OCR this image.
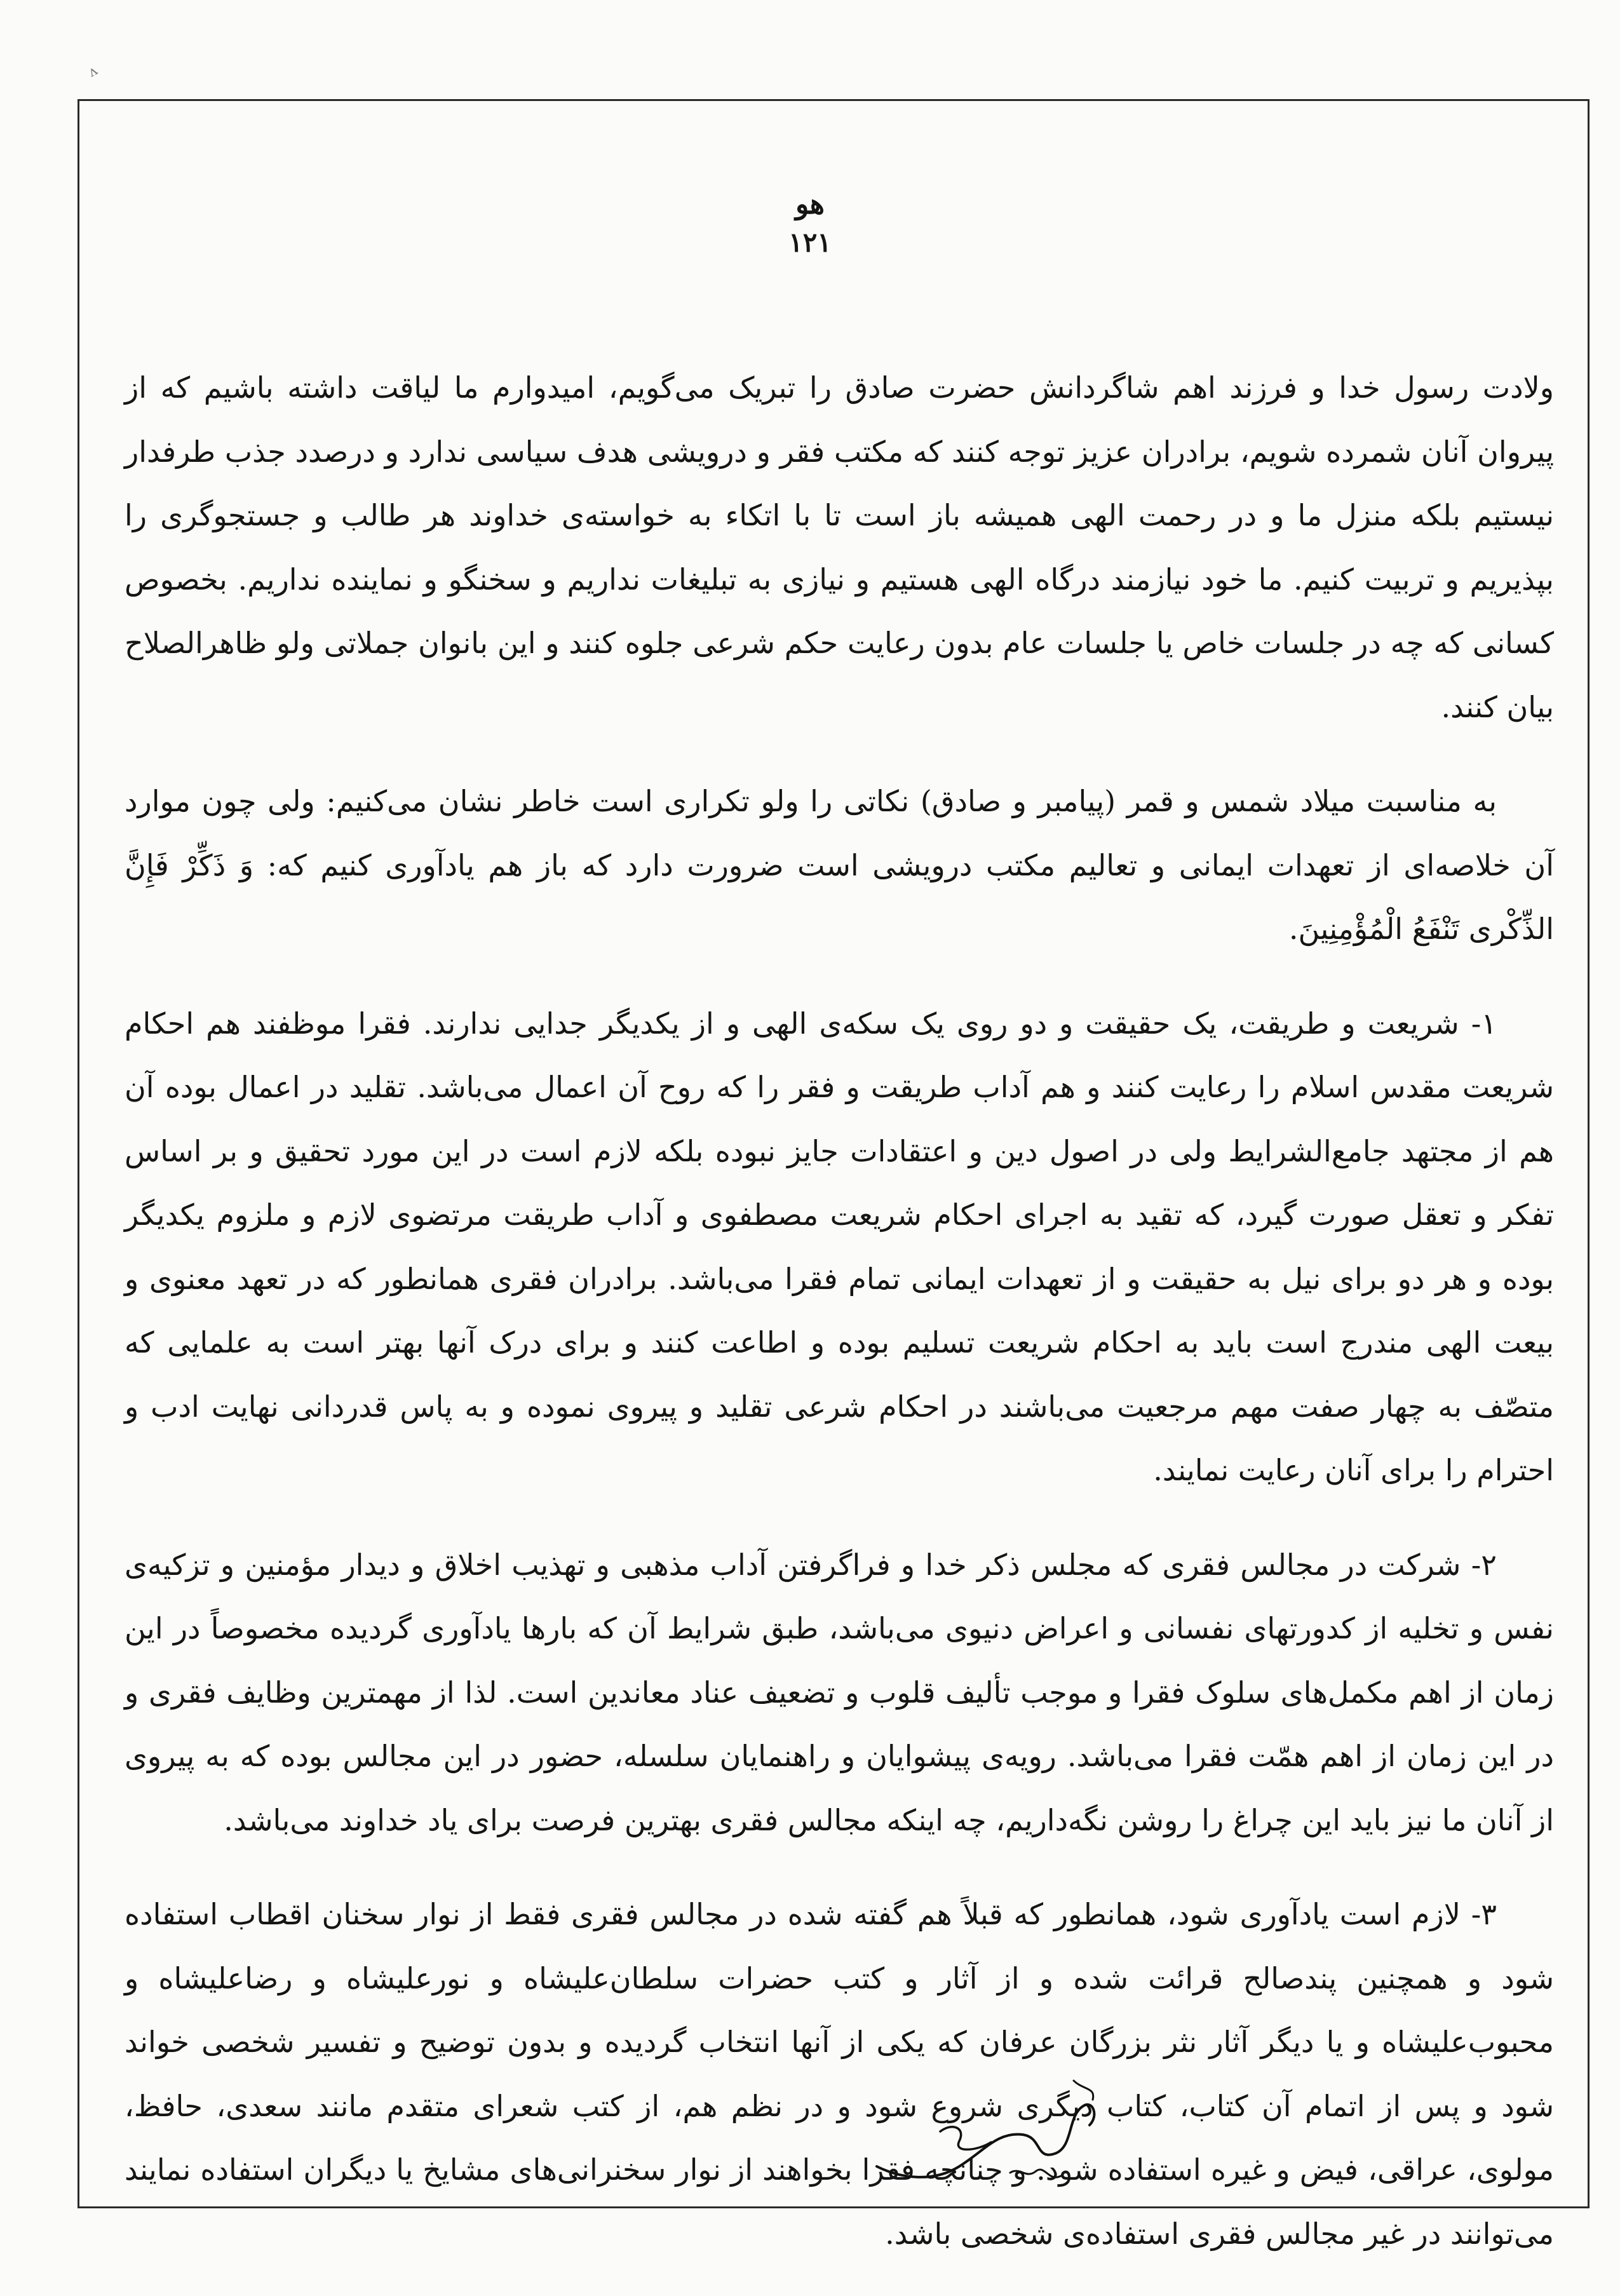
ᴧ
هو
۱۲۱

ولادت رسول خدا و فرزند اهم شاگردانش حضرت صادق را تبریک می‌گویم، امیدوارم ما لیاقت داشته باشیم که از پیروان آنان شمرده شویم، برادران عزیز توجه کنند که مکتب فقر و درویشی هدف سیاسی ندارد و درصدد جذب طرفدار نیستیم بلکه منزل ما و در رحمت الهی همیشه باز است تا با اتکاء به خواسته‌ی خداوند هر طالب و جستجوگری را بپذیریم و تربیت کنیم. ما خود نیازمند درگاه الهی هستیم و نیازی به تبلیغات نداریم و سخنگو و نماینده نداریم. بخصوص کسانی که چه در جلسات خاص یا جلسات عام بدون رعایت حکم شرعی جلوه کنند و این بانوان جملاتی ولو ظاهرالصلاح بیان کنند.

به مناسبت میلاد شمس و قمر (پیامبر و صادق) نکاتی را ولو تکراری است خاطر نشان می‌کنیم: ولی چون موارد آن خلاصه‌ای از تعهدات ایمانی و تعالیم مکتب درویشی است ضرورت دارد که باز هم یادآوری کنیم که: وَ ذَکِّرْ فَإِنَّ الذِّکْری تَنْفَعُ الْمُؤْمِنِینَ.

۱- شریعت و طریقت، یک حقیقت و دو روی یک سکه‌ی الهی و از یکدیگر جدایی ندارند. فقرا موظفند هم احکام شریعت مقدس اسلام را رعایت کنند و هم آداب طریقت و فقر را که روح آن اعمال می‌باشد. تقلید در اعمال بوده آن هم از مجتهد جامع‌الشرایط ولی در اصول دین و اعتقادات جایز نبوده بلکه لازم است در این مورد تحقیق و بر اساس تفکر و تعقل صورت گیرد، که تقید به اجرای احکام شریعت مصطفوی و آداب طریقت مرتضوی لازم و ملزوم یکدیگر بوده و هر دو برای نیل به حقیقت و از تعهدات ایمانی تمام فقرا می‌باشد. برادران فقری همانطور که در تعهد معنوی و بیعت الهی مندرج است باید به احکام شریعت تسلیم بوده و اطاعت کنند و برای درک آنها بهتر است به علمایی که متصّف به چهار صفت مهم مرجعیت می‌باشند در احکام شرعی تقلید و پیروی نموده و به پاس قدردانی نهایت ادب و احترام را برای آنان رعایت نمایند.

۲- شرکت در مجالس فقری که مجلس ذکر خدا و فراگرفتن آداب مذهبی و تهذیب اخلاق و دیدار مؤمنین و تزکیه‌ی نفس و تخلیه از کدورتهای نفسانی و اعراض دنیوی می‌باشد، طبق شرایط آن که بارها یادآوری گردیده مخصوصاً در این زمان از اهم مکمل‌های سلوک فقرا و موجب تألیف قلوب و تضعیف عناد معاندین است. لذا از مهمترین وظایف فقری و در این زمان از اهم همّت فقرا می‌باشد. رویه‌ی پیشوایان و راهنمایان سلسله، حضور در این مجالس بوده که به پیروی از آنان ما نیز باید این چراغ را روشن نگه‌داریم، چه اینکه مجالس فقری بهترین فرصت برای یاد خداوند می‌باشد.

۳- لازم است یادآوری شود، همانطور که قبلاً هم گفته شده در مجالس فقری فقط از نوار سخنان اقطاب استفاده شود و همچنین پندصالح قرائت شده و از آثار و کتب حضرات سلطان‌علیشاه و نورعلیشاه و رضاعلیشاه و محبوب‌علیشاه و یا دیگر آثار نثر بزرگان عرفان که یکی از آنها انتخاب گردیده و بدون توضیح و تفسیر شخصی خواند شود و پس از اتمام آن کتاب، کتاب دیگری شروع شود و در نظم هم، از کتب شعرای متقدم مانند سعدی، حافظ، مولوی، عراقی، فیض و غیره استفاده شود. و چنانچه فقرا بخواهند از نوار سخنرانی‌های مشایخ یا دیگران استفاده نمایند می‌توانند در غیر مجالس فقری استفاده‌ی شخصی باشد.
